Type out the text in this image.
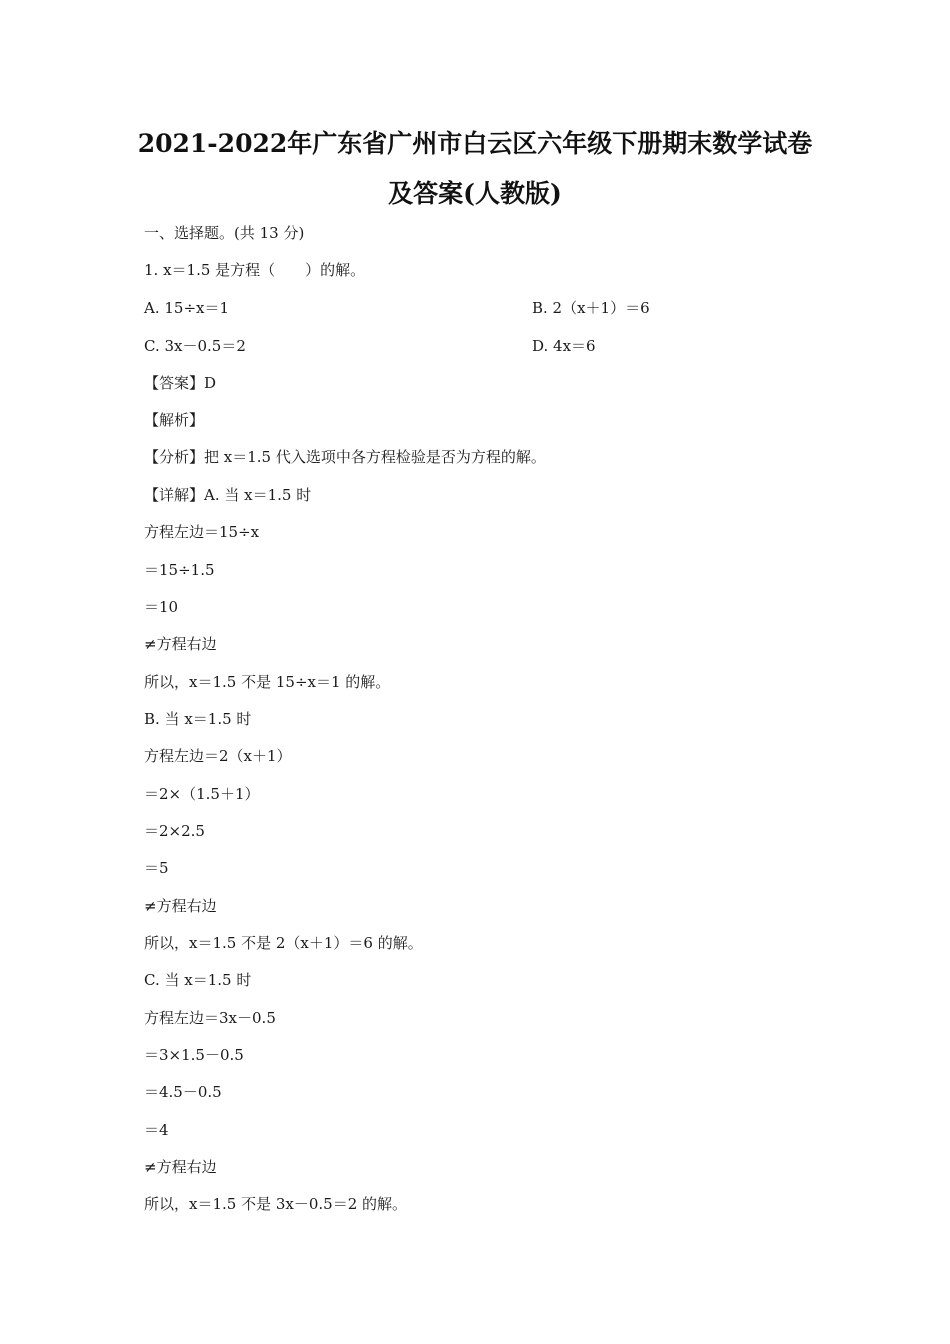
2021-2022年广东省广州市白云区六年级下册期末数学试卷
及答案(人教版)
一、选择题。(共 13 分)
1. x＝1.5 是方程（　　）的解。
A. 15÷x＝1	B. 2（x＋1）＝6
C. 3x－0.5＝2	D. 4x＝6
【答案】D
【解析】
【分析】把 x＝1.5 代入选项中各方程检验是否为方程的解。
【详解】A. 当 x＝1.5 时
方程左边＝15÷x
＝15÷1.5
＝10
≠方程右边
所以，x＝1.5 不是 15÷x＝1 的解。
B. 当 x＝1.5 时
方程左边＝2（x＋1）
＝2×（1.5＋1）
＝2×2.5
＝5
≠方程右边
所以，x＝1.5 不是 2（x＋1）＝6 的解。
C. 当 x＝1.5 时
方程左边＝3x－0.5
＝3×1.5－0.5
＝4.5－0.5
＝4
≠方程右边
所以，x＝1.5 不是 3x－0.5＝2 的解。
